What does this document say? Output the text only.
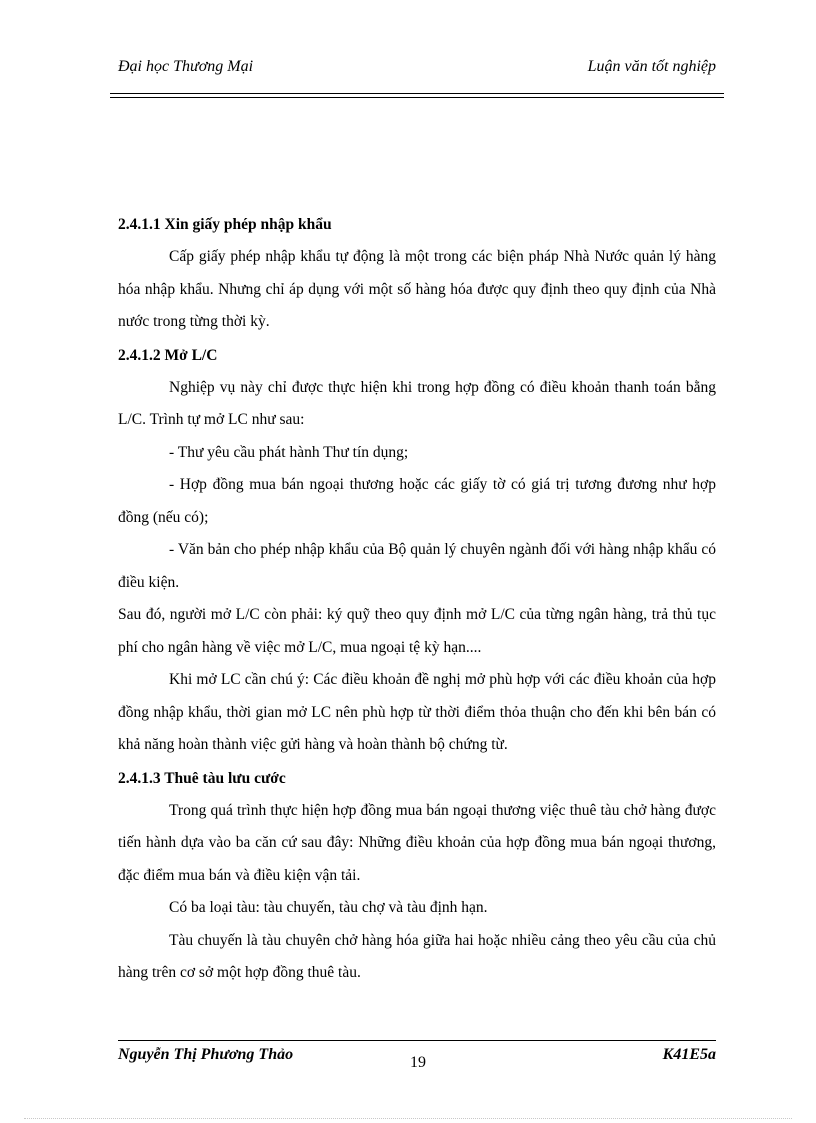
Đại học Thương Mại	Luận văn tốt nghiệp

2.4.1.1 Xin giấy phép nhập khẩu

Cấp giấy phép nhập khẩu tự động là một trong các biện pháp Nhà Nước quản lý hàng hóa nhập khẩu. Nhưng chỉ áp dụng với một số hàng hóa được quy định theo quy định của Nhà nước trong từng thời kỳ.

2.4.1.2 Mở L/C

Nghiệp vụ này chỉ được thực hiện khi trong hợp đồng có điều khoản thanh toán bằng L/C. Trình tự mở LC như sau:

- Thư yêu cầu phát hành Thư tín dụng;

- Hợp đồng mua bán ngoại thương hoặc các giấy tờ có giá trị tương đương như hợp đồng (nếu có);

- Văn bản cho phép nhập khẩu của Bộ quản lý chuyên ngành đối với hàng nhập khẩu có điều kiện.

Sau đó, người mở L/C còn phải: ký quỹ theo quy định mở L/C của từng ngân hàng, trả thủ tục phí cho ngân hàng về việc mở L/C, mua ngoại tệ kỳ hạn....

Khi mở LC cần chú ý: Các điều khoản đề nghị mở phù hợp với các điều khoản của hợp đồng nhập khẩu, thời gian mở LC nên phù hợp từ thời điểm thỏa thuận cho đến khi bên bán có khả năng hoàn thành việc gửi hàng và hoàn thành bộ chứng từ.

2.4.1.3 Thuê tàu lưu cước

Trong quá trình thực hiện hợp đồng mua bán ngoại thương việc thuê tàu chở hàng được tiến hành dựa vào ba căn cứ sau đây: Những điều khoản của hợp đồng mua bán ngoại thương, đặc điểm mua bán và điều kiện vận tải.

Có ba loại tàu: tàu chuyến, tàu chợ và tàu định hạn.

Tàu chuyến là tàu chuyên chở hàng hóa giữa hai hoặc nhiều cảng theo yêu cầu của chủ hàng trên cơ sở một hợp đồng thuê tàu.

Nguyễn Thị Phương Thảo	19	K41E5a
